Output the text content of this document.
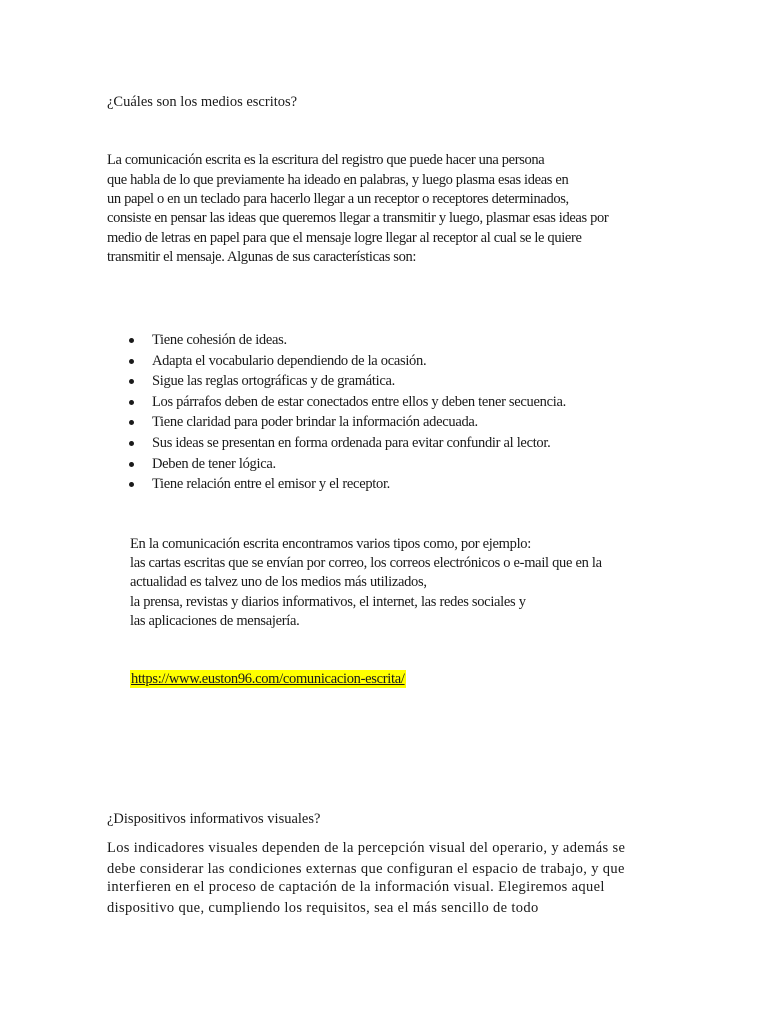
¿Cuáles son los medios escritos?
La comunicación escrita es la escritura del registro que puede hacer una persona
que habla de lo que previamente ha ideado en palabras, y luego plasma esas ideas en
un papel o en un teclado para hacerlo llegar a un receptor o receptores determinados,
consiste en pensar las ideas que queremos llegar a transmitir y luego, plasmar esas ideas por
medio de letras en papel para que el mensaje logre llegar al receptor al cual se le quiere
transmitir el mensaje. Algunas de sus características son:
Tiene cohesión de ideas.
Adapta el vocabulario dependiendo de la ocasión.
Sigue las reglas ortográficas y de gramática.
Los párrafos deben de estar conectados entre ellos y deben tener secuencia.
Tiene claridad para poder brindar la información adecuada.
Sus ideas se presentan en forma ordenada para evitar confundir al lector.
Deben de tener lógica.
Tiene relación entre el emisor y el receptor.
En la comunicación escrita encontramos varios tipos como, por ejemplo:
las cartas escritas que se envían por correo, los correos electrónicos o e-mail que en la
actualidad es talvez uno de los medios más utilizados,
la prensa, revistas y diarios informativos, el internet, las redes sociales y
las aplicaciones de mensajería.
https://www.euston96.com/comunicacion-escrita/
¿Dispositivos informativos visuales?
Los indicadores visuales dependen de la percepción visual del operario, y además se
debe considerar las condiciones externas que configuran el espacio de trabajo, y que
interfieren en el proceso de captación de la información visual. Elegiremos aquel
dispositivo que, cumpliendo los requisitos, sea el más sencillo de todo
